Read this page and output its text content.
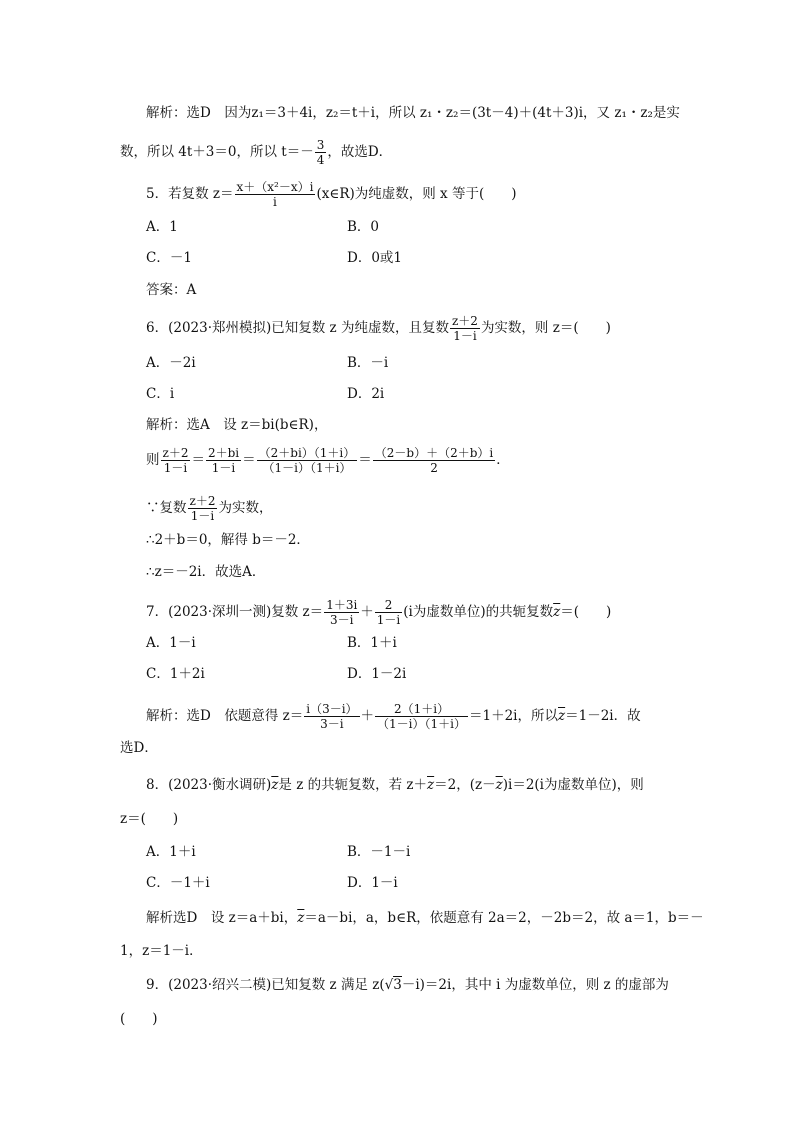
解析：选D　因为z₁＝3＋4i，z₂＝t＋i，所以 z₁・z₂＝(3t－4)＋(4t＋3)i，又 z₁・z₂是实
数，所以 4t＋3＝0，所以 $t=- \frac{3}{4}$ ，故选D．
5．若复数 $z= \frac{\text{x＋（x²－x）i}}{i}$ (x∈R)为纯虚数，则 x 等于(　　)
A．1	B．0
C．－1	D．0或1
答案：A
6．(2023·郑州模拟)已知复数 z 为纯虚数，且复数 $\frac{z+2}{1-i}$ 为实数，则 z＝(　　)
A．－2i	B．－i
C．i	D．2i
解析：选A　设 z＝bi(b∈R)，
则 $\frac{z+2}{1-i} = \frac{2+bi}{1-i} = \frac{(2+bi)(1+i)}{(1-i)(1+i)} = \frac{(2-b)+(2+b)i}{2}$ ．
∵复数 $\frac{z+2}{1-i}$ 为实数，
∴2＋b＝0，解得 b＝－2．
∴z＝－2i．故选A．
7．(2023·深圳一测)复数 $z= \frac{1+3i}{3-i} + \frac{2}{1-i} (i$为虚数单位)的共轭复数$\overline{z}=$(　　)
A．1－i	B．1＋i
C．1＋2i	D．1－2i
解析：选D　依题意得 $z= \frac{i(3-i)}{3-i} + \frac{2(1+i)}{(1-i)(1+i)} =1+2i$，所以$\overline{z}=1-2i$．故
选D．
8．(2023·衡水调研)$\overline{z}$是 z 的共轭复数，若 $z+\overline{z}=2$，$(z-\overline{z})i=2(i$为虚数单位)，则
z＝(　　)
A．1＋i	B．－1－i
C．－1＋i	D．1－i
解析选D　设 z＝a＋bi，$\overline{z}=a-bi$，a，b∈R，依题意有 2a＝2，－2b＝2，故 a＝1，b＝－
1，z＝1－i．
9．(2023·绍兴二模)已知复数 z 满足 z(√3－i)＝2i，其中 i 为虚数单位，则 z 的虚部为
(　　)
